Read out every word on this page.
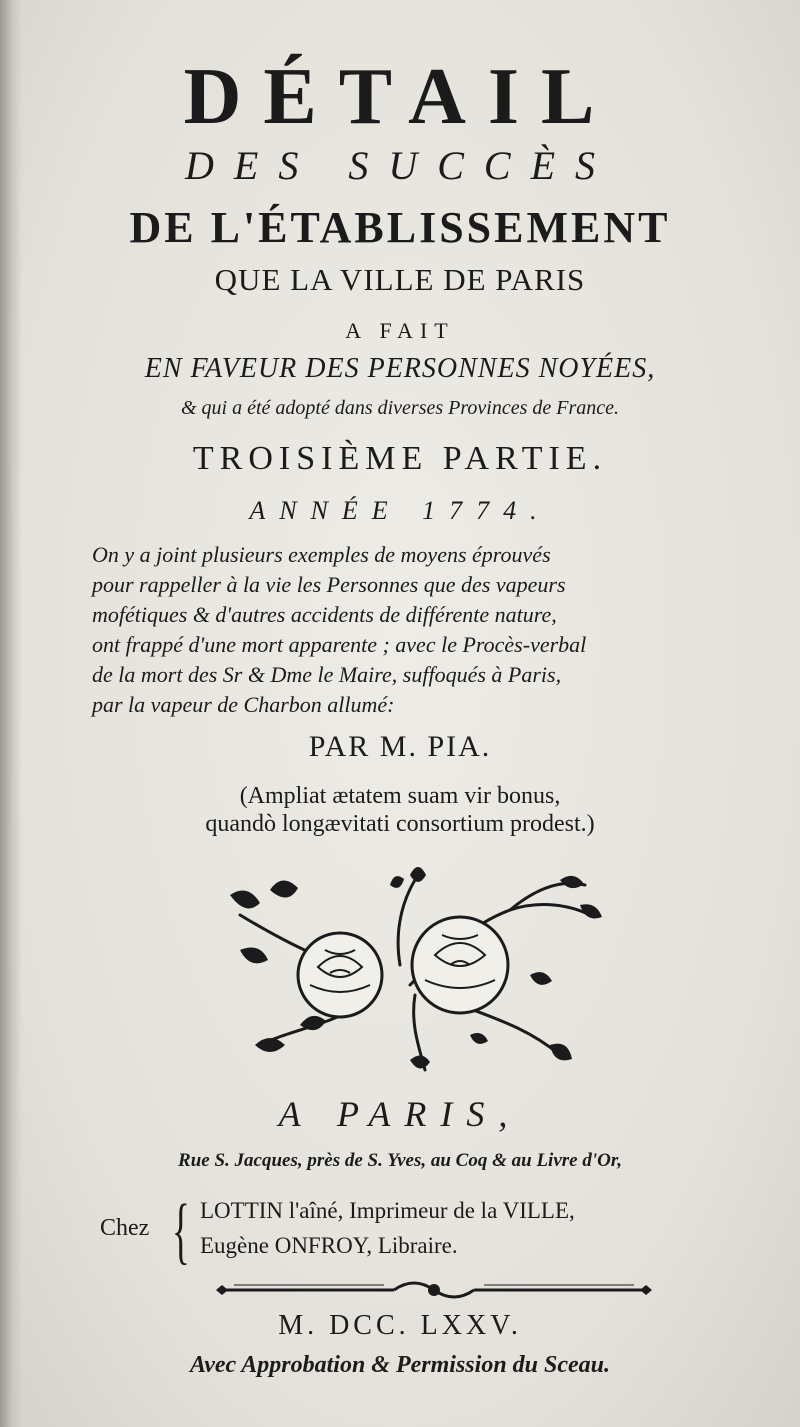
DÉTAIL
DES SUCCÈS
DE L'ÉTABLISSEMENT
QUE LA VILLE DE PARIS
A FAIT
EN FAVEUR DES PERSONNES NOYÉES,
& qui a été adopté dans diverses Provinces de France.
TROISIÈME PARTIE.
ANNÉE 1774.
On y a joint plusieurs exemples de moyens éprouvés
pour rappeller à la vie les Personnes que des vapeurs
mofétiques & d'autres accidents de différente nature,
ont frappé d'une mort apparente ; avec le Procès-verbal
de la mort des Sr & Dme le Maire, suffoqués à Paris,
par la vapeur de Charbon allumé:
PAR M. PIA.
(Ampliat ætatem suam vir bonus,
quandò longævitati consortium prodest.)
A PARIS,
Rue S. Jacques, près de S. Yves, au Coq & au Livre d'Or,
Chez { LOTTIN l'aîné, Imprimeur de la VILLE,
Eugène ONFROY, Libraire.
M. DCC. LXXV.
Avec Approbation & Permission du Sceau.
